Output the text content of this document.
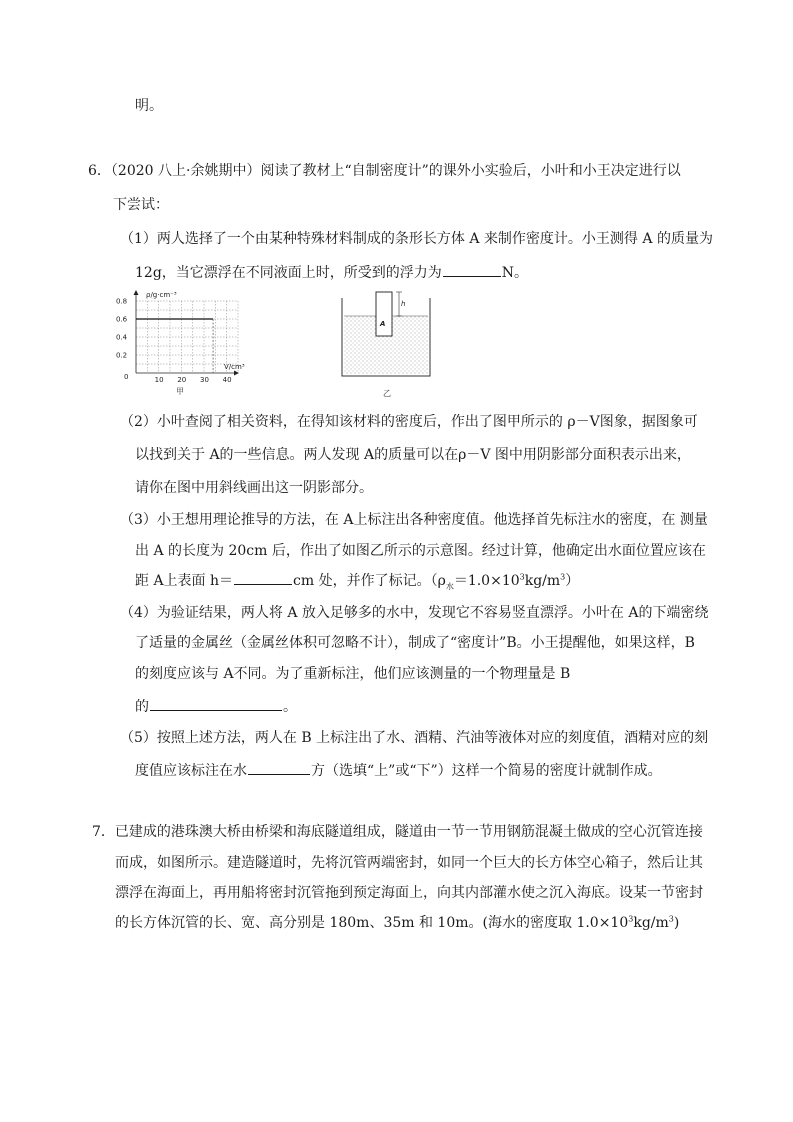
明。
6．（2020 八上·余姚期中）阅读了教材上“自制密度计”的课外小实验后，小叶和小王决定进行以
下尝试：
（1）两人选择了一个由某种特殊材料制成的条形长方体 A 来制作密度计。小王测得 A 的质量为
12g，当它漂浮在不同液面上时，所受到的浮力为	N。
0.2
0.4
0.6
0.8
10 20 30 40
ρ/g·cm⁻³
V/cm³
0
甲
h
A
乙
（2）小叶查阅了相关资料，在得知该材料的密度后，作出了图甲所示的 ρ－V图象，据图象可
以找到关于 A的一些信息。两人发现 A的质量可以在ρ－V 图中用阴影部分面积表示出来，
请你在图中用斜线画出这一阴影部分。
（3）小王想用理论推导的方法，在 A上标注出各种密度值。他选择首先标注水的密度，在 测量
出 A 的长度为 20cm 后，作出了如图乙所示的示意图。经过计算，他确定出水面位置应该在
距 A上表面 h＝	cm 处，并作了标记。$(\rho_水=1.0\times 10^3kg/m^3)$
（4）为验证结果，两人将 A 放入足够多的水中，发现它不容易竖直漂浮。小叶在 A的下端密绕
了适量的金属丝（金属丝体积可忽略不计），制成了“密度计”B。小王提醒他，如果这样，B
的刻度应该与 A不同。为了重新标注，他们应该测量的一个物理量是 B
的	。
（5）按照上述方法，两人在 B 上标注出了水、酒精、汽油等液体对应的刻度值，酒精对应的刻
度值应该标注在水	方（选填“上”或“下”）这样一个简易的密度计就制作成。
7．已建成的港珠澳大桥由桥梁和海底隧道组成，隧道由一节一节用钢筋混凝土做成的空心沉管连接
而成，如图所示。建造隧道时，先将沉管两端密封，如同一个巨大的长方体空心箱子，然后让其
漂浮在海面上，再用船将密封沉管拖到预定海面上，向其内部灌水使之沉入海底。设某一节密封
的长方体沉管的长、宽、高分别是 180m、35m 和 10m。(海水的密度取 $1.0\times 10^3kg/m^3$)
